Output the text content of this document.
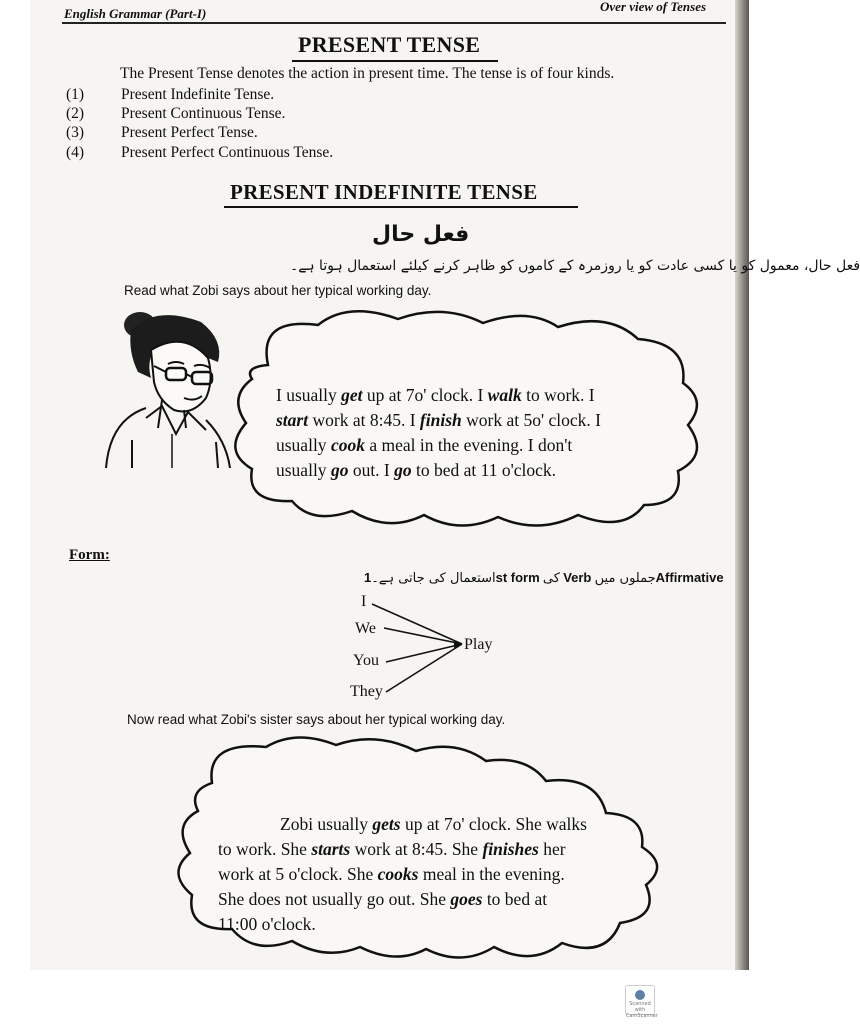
English Grammar (Part-I)	Over view of Tenses
PRESENT TENSE
The Present Tense denotes the action in present time. The tense is of four kinds.
(1) Present Indefinite Tense.
(2) Present Continuous Tense.
(3) Present Perfect Tense.
(4) Present Perfect Continuous Tense.
PRESENT INDEFINITE TENSE
فعل حال
فعل حال، معمول کو یا کسی عادت کو یا روزمرہ کے کاموں کو ظاہر کرنے کیلئے استعمال ہوتا ہے۔
Read what Zobi says about her typical working day.
I usually get up at 7o' clock. I walk to work. I
start work at 8:45. I finish work at 5o' clock. I
usually cook a meal in the evening. I don't
usually go out. I go to bed at 11 o'clock.
Form:
استعمال کی جاتی ہے۔1st form کی Verb جملوں میںAffirmative
I
We
You
They
Play
Now read what Zobi's sister says about her typical working day.
Zobi usually gets up at 7o' clock. She walks
to work. She starts work at 8:45. She finishes her
work at 5 o'clock. She cooks meal in the evening.
She does not usually go out. She goes to bed at
11:00 o'clock.
Scanned with CamScanner
